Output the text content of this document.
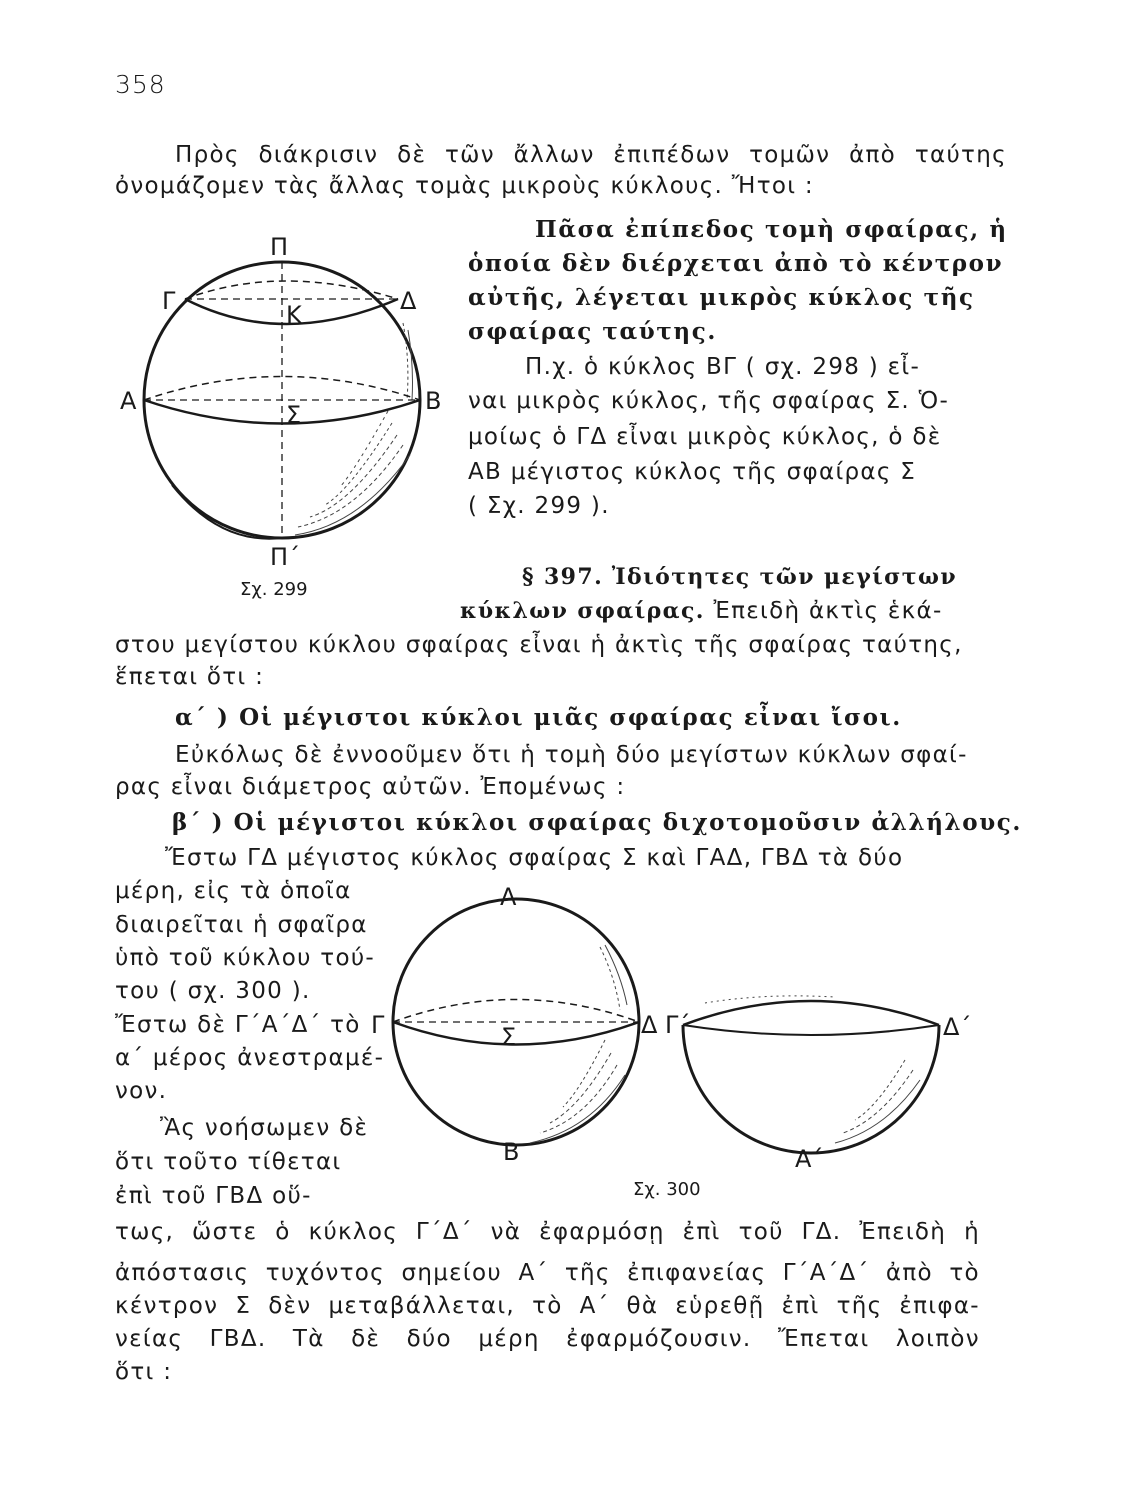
358
Πρὸς διάκρισιν δὲ τῶν ἄλλων ἐπιπέδων τομῶν ἀπὸ ταύτης
ὀνομάζομεν τὰς ἄλλας τομὰς μικροὺς κύκλους. Ἤτοι :
Πᾶσα ἐπίπεδος τομὴ σφαίρας, ἡ
ὁποία δὲν διέρχεται ἀπὸ τὸ κέντρον
αὐτῆς, λέγεται μικρὸς κύκλος τῆς
σφαίρας ταύτης.
Π.χ. ὁ κύκλος ΒΓ ( σχ. 298 ) εἶ-
ναι μικρὸς κύκλος, τῆς σφαίρας Σ. Ὁ-
μοίως ὁ ΓΔ εἶναι μικρὸς κύκλος, ὁ δὲ
ΑΒ μέγιστος κύκλος τῆς σφαίρας Σ
( Σχ. 299 ).
§ 397. Ἰδιότητες τῶν μεγίστων
κύκλων σφαίρας. Ἐπειδὴ ἀκτὶς ἑκά-
στου μεγίστου κύκλου σφαίρας εἶναι ἡ ἀκτὶς τῆς σφαίρας ταύτης,
ἕπεται ὅτι :
α΄ ) Οἱ μέγιστοι κύκλοι μιᾶς σφαίρας εἶναι ἴσοι.
Εὐκόλως δὲ ἐννοοῦμεν ὅτι ἡ τομὴ δύο μεγίστων κύκλων σφαί-
ρας εἶναι διάμετρος αὐτῶν. Ἐπομένως :
β΄ ) Οἱ μέγιστοι κύκλοι σφαίρας διχοτομοῦσιν ἀλλήλους.
Ἔστω ΓΔ μέγιστος κύκλος σφαίρας Σ καὶ ΓΑΔ, ΓΒΔ τὰ δύο
μέρη, εἰς τὰ ὁποῖα
διαιρεῖται ἡ σφαῖρα
ὑπὸ τοῦ κύκλου τού-
του ( σχ. 300 ).
Ἔστω δὲ Γ΄Α΄Δ΄ τὸ
α΄ μέρος ἀνεστραμέ-
νον.
Ἂς νοήσωμεν δὲ
ὅτι τοῦτο τίθεται
ἐπὶ τοῦ ΓΒΔ οὕ-
τως, ὥστε ὁ κύκλος Γ΄Δ΄ νὰ ἐφαρμόσῃ ἐπὶ τοῦ ΓΔ. Ἐπειδὴ ἡ
ἀπόστασις τυχόντος σημείου Α΄ τῆς ἐπιφανείας Γ΄Α΄Δ΄ ἀπὸ τὸ
κέντρον Σ δὲν μεταβάλλεται, τὸ Α΄ θὰ εὑρεθῇ ἐπὶ τῆς ἐπιφα-
νείας ΓΒΔ. Τὰ δὲ δύο μέρη ἐφαρμόζουσιν. Ἔπεται λοιπὸν
ὅτι :
Π
Γ	Δ
Κ
Α	Β
Σ
Π΄
Σχ. 299
Α
Γ	Δ
Σ
Β
Γ΄	Δ΄
Α΄
Σχ. 300
